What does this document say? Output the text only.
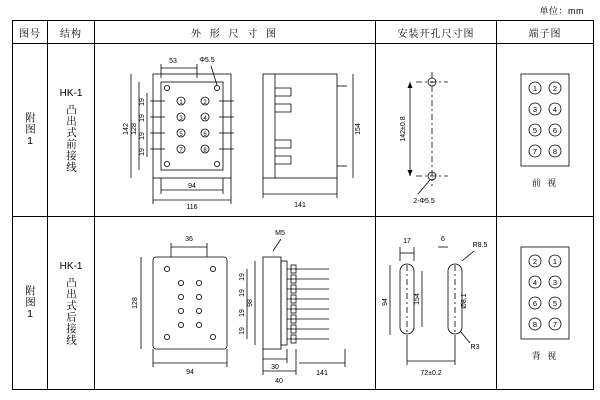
单位：mm
图号	结构	外 形 尺 寸 图	安装开孔尺寸图	端子图

附图1

HK-1
凸出式前接线

53	Φ5.5
142 128
19
19
19
19
94
116
154
141
1	2
3	4
5	6
7	8

142±0.8
2-Φ5.5

1 2
3 4
5 6
7 8
前 视

附图1

HK-1
凸出式后接线

36
128
94
M5
98
19
19
19
19
30
40
141

17	6
R8.5
94	154	Ø8.1
R3
72±0.2

2 1
4 3
6 5
8 7
背 视
